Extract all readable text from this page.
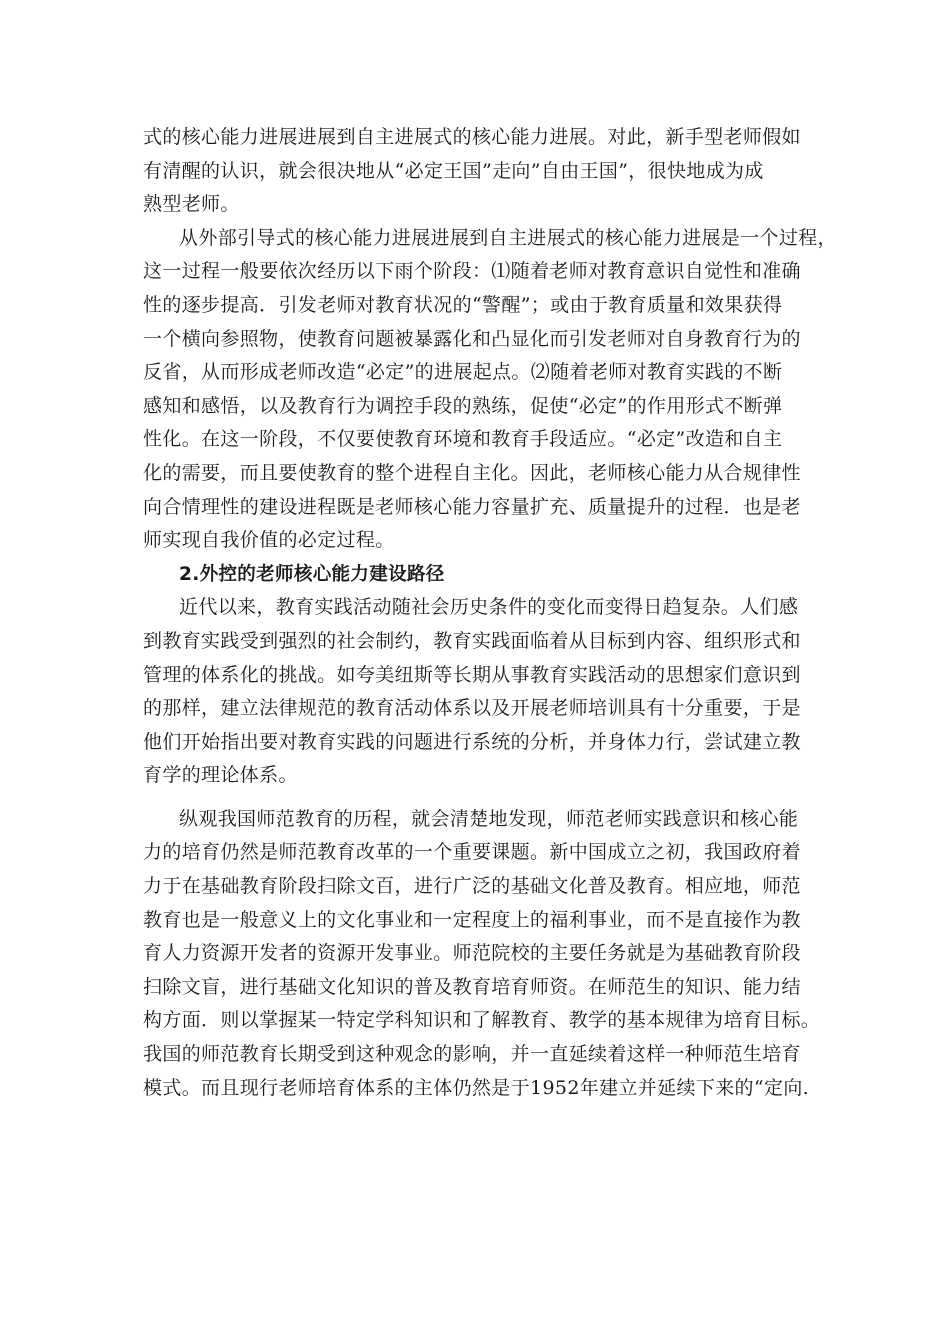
式的核心能力进展进展到自主进展式的核心能力进展。对此，新手型老师假如
有清醒的认识，就会很决地从“必定王国”走向”自由王国”，很快地成为成
熟型老师。
从外部引导式的核心能力进展进展到自主进展式的核心能力进展是一个过程，
这一过程一般要依次经历以下雨个阶段：⑴随着老师对教育意识自觉性和准确
性的逐步提高．引发老师对教育状况的“警醒”；或由于教育质量和效果获得
一个横向参照物，使教育问题被暴露化和凸显化而引发老师对自身教育行为的
反省，从而形成老师改造“必定”的进展起点。⑵随着老师对教育实践的不断
感知和感悟，以及教育行为调控手段的熟练，促使“必定”的作用形式不断弹
性化。在这一阶段，不仅要使教育环境和教育手段适应。“必定”改造和自主
化的需要，而且要使教育的整个进程自主化。因此，老师核心能力从合规律性
向合情理性的建设进程既是老师核心能力容量扩充、质量提升的过程．也是老
师实现自我价值的必定过程。
2.外控的老师核心能力建设路径
近代以来，教育实践活动随社会历史条件的变化而变得日趋复杂。人们感
到教育实践受到强烈的社会制约，教育实践面临着从目标到内容、组织形式和
管理的体系化的挑战。如夸美纽斯等长期从事教育实践活动的思想家们意识到
的那样，建立法律规范的教育活动体系以及开展老师培训具有十分重要，于是
他们开始指出要对教育实践的问题进行系统的分析，并身体力行，尝试建立教
育学的理论体系。
纵观我国师范教育的历程，就会清楚地发现，师范老师实践意识和核心能
力的培育仍然是师范教育改革的一个重要课题。新中国成立之初，我国政府着
力于在基础教育阶段扫除文百，进行广泛的基础文化普及教育。相应地，师范
教育也是一般意义上的文化事业和一定程度上的福利事业，而不是直接作为教
育人力资源开发者的资源开发事业。师范院校的主要任务就是为基础教育阶段
扫除文盲，进行基础文化知识的普及教育培育师资。在师范生的知识、能力结
构方面．则以掌握某一特定学科知识和了解教育、教学的基本规律为培育目标。
我国的师范教育长期受到这种观念的影响，并一直延续着这样一种师范生培育
模式。而且现行老师培育体系的主体仍然是于1952年建立并延续下来的“定向.
